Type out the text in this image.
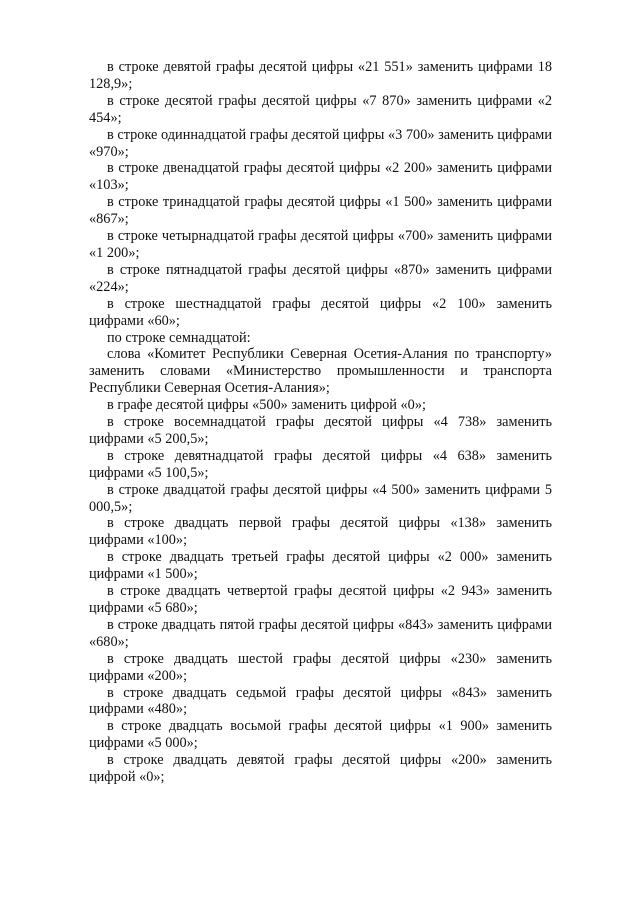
в строке девятой графы десятой цифры «21 551» заменить цифрами 18 128,9»;

в строке десятой графы десятой цифры «7 870» заменить цифрами «2 454»;

в строке одиннадцатой графы десятой цифры «3 700» заменить цифрами «970»;

в строке двенадцатой графы десятой цифры «2 200» заменить цифрами «103»;

в строке тринадцатой графы десятой цифры «1 500» заменить цифрами «867»;

в строке четырнадцатой графы десятой цифры «700» заменить цифрами «1 200»;

в строке пятнадцатой графы десятой цифры «870» заменить цифрами «224»;

в строке шестнадцатой графы десятой цифры «2 100» заменить цифрами «60»;

по строке семнадцатой:

слова «Комитет Республики Северная Осетия-Алания по транспорту» заменить словами «Министерство промышленности и транспорта Республики Северная Осетия-Алания»;

в графе десятой цифры «500» заменить цифрой «0»;

в строке восемнадцатой графы десятой цифры «4 738» заменить цифрами «5 200,5»;

в строке девятнадцатой графы десятой цифры «4 638» заменить цифрами «5 100,5»;

в строке двадцатой графы десятой цифры «4 500» заменить цифрами 5 000,5»;

в строке двадцать первой графы десятой цифры «138» заменить цифрами «100»;

в строке двадцать третьей графы десятой цифры «2 000» заменить цифрами «1 500»;

в строке двадцать четвертой графы десятой цифры «2 943» заменить цифрами «5 680»;

в строке двадцать пятой графы десятой цифры «843» заменить цифрами «680»;

в строке двадцать шестой графы десятой цифры «230» заменить цифрами «200»;

в строке двадцать седьмой графы десятой цифры «843» заменить цифрами «480»;

в строке двадцать восьмой графы десятой цифры «1 900» заменить цифрами «5 000»;

в строке двадцать девятой графы десятой цифры «200» заменить цифрой «0»;
